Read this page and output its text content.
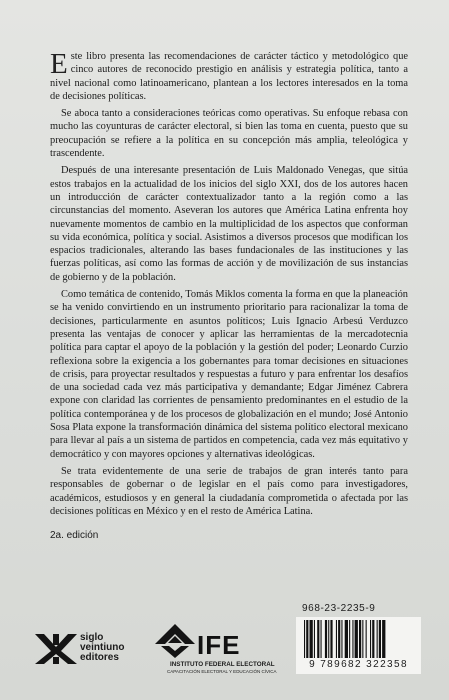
Este libro presenta las recomendaciones de carácter táctico y metodológico que cinco autores de reconocido prestigio en análisis y estrategia política, tanto a nivel nacional como latinoamericano, plantean a los lectores interesados en la toma de decisiones políticas.

Se aboca tanto a consideraciones teóricas como operativas. Su enfoque rebasa con mucho las coyunturas de carácter electoral, si bien las toma en cuenta, puesto que su preocupación se refiere a la política en su concepción más amplia, teleológica y trascendente.

Después de una interesante presentación de Luis Maldonado Venegas, que sitúa estos trabajos en la actualidad de los inicios del siglo XXI, dos de los autores hacen un introducción de carácter contextualizador tanto a la región como a las circunstancias del momento. Aseveran los autores que América Latina enfrenta hoy nuevamente momentos de cambio en la multiplicidad de los aspectos que conforman su vida económica, política y social. Asistimos a diversos procesos que modifican los espacios tradicionales, alterando las bases fundacionales de las instituciones y las fuerzas políticas, así como las formas de acción y de movilización de sus instancias de gobierno y de la población.

Como temática de contenido, Tomás Miklos comenta la forma en que la planeación se ha venido convirtiendo en un instrumento prioritario para racionalizar la toma de decisiones, particularmente en asuntos políticos; Luis Ignacio Arbesú Verduzco presenta las ventajas de conocer y aplicar las herramientas de la mercadotecnia política para captar el apoyo de la población y la gestión del poder; Leonardo Curzio reflexiona sobre la exigencia a los gobernantes para tomar decisiones en situaciones de crisis, para proyectar resultados y respuestas a futuro y para enfrentar los desafíos de una sociedad cada vez más participativa y demandante; Edgar Jiménez Cabrera expone con claridad las corrientes de pensamiento predominantes en el estudio de la política contemporánea y de los procesos de globalización en el mundo; José Antonio Sosa Plata expone la transformación dinámica del sistema político electoral mexicano para llevar al país a un sistema de partidos en competencia, cada vez más equitativo y democrático y con mayores opciones y alternativas ideológicas.

Se trata evidentemente de una serie de trabajos de gran interés tanto para responsables de gobernar o de legislar en el país como para investigadores, académicos, estudiosos y en general la ciudadanía comprometida o afectada por las decisiones políticas en México y en el resto de América Latina.

2a. edición
968-23-2235-9
9 789682 322358
siglo
veintiuno
editores	IFE
INSTITUTO FEDERAL ELECTORAL
CAPACITACIÓN ELECTORAL Y EDUCACIÓN CÍVICA
